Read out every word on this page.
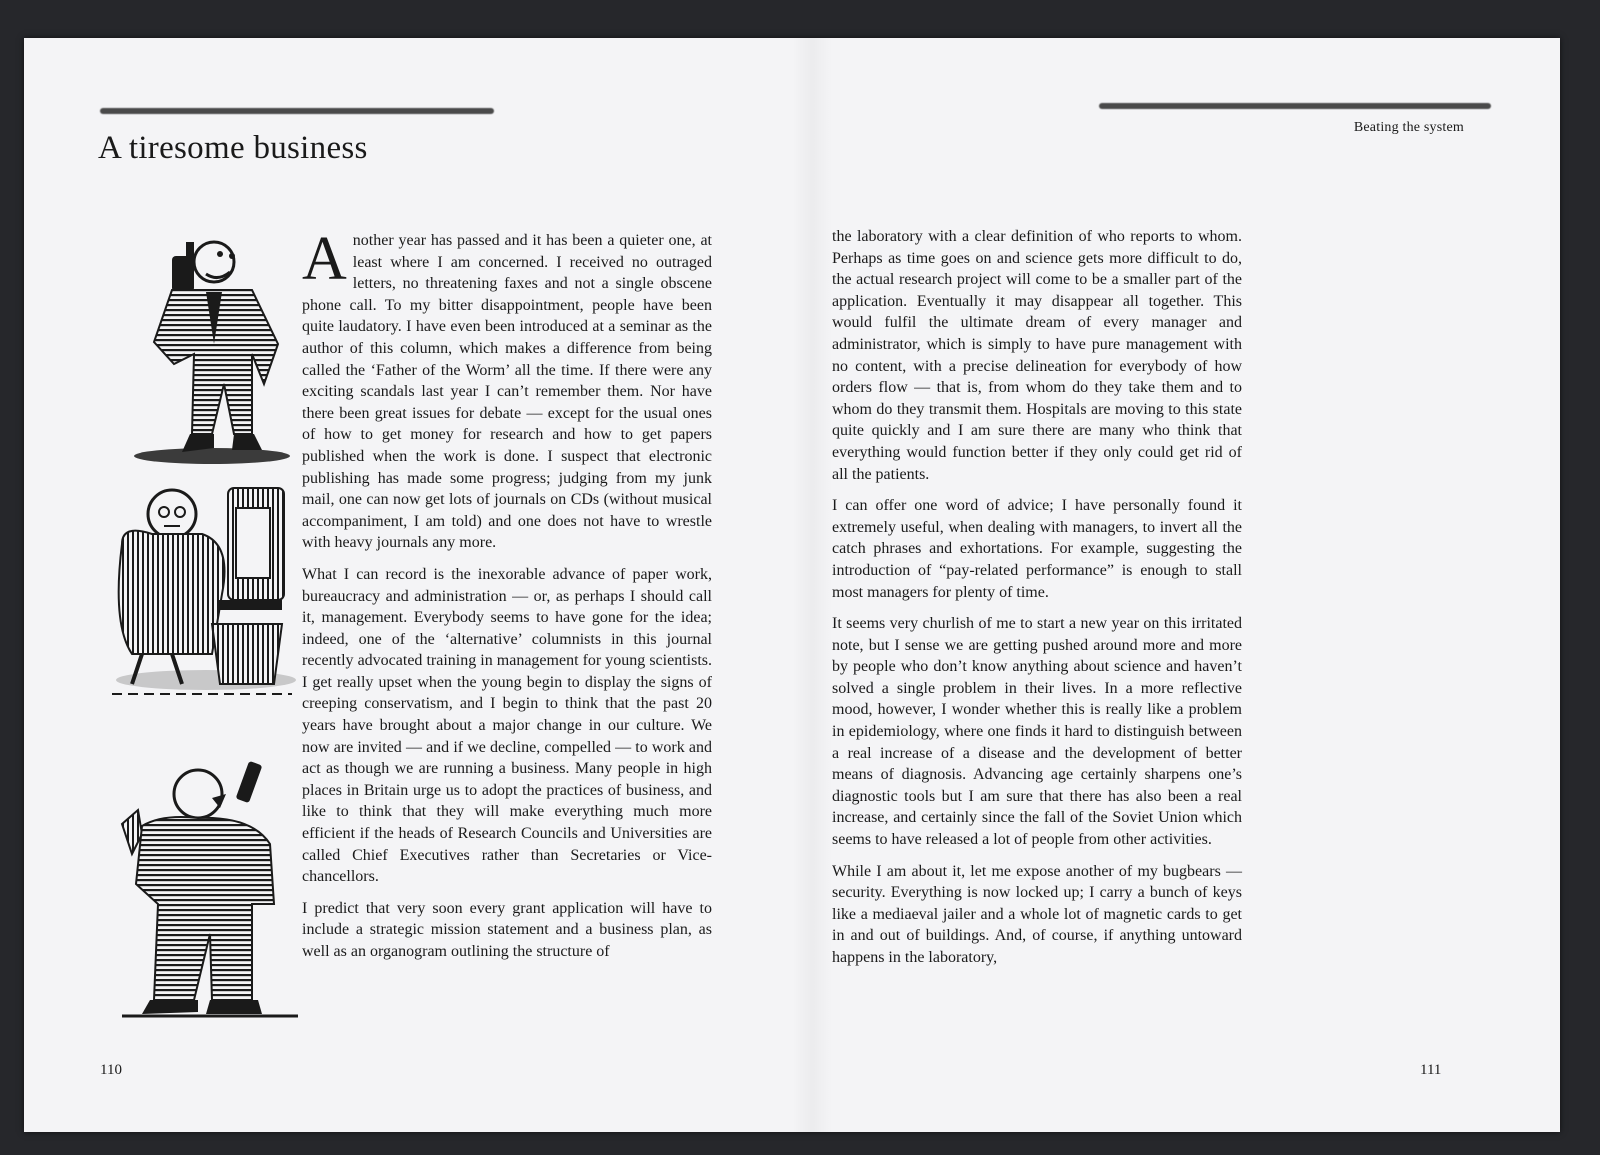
A tiresome business

Another year has passed and it has been a quieter one, at least where I am concerned. I received no outraged letters, no threatening faxes and not a single obscene phone call. To my bitter disappointment, people have been quite laudatory. I have even been introduced at a seminar as the author of this column, which makes a difference from being called the ‘Father of the Worm’ all the time. If there were any exciting scandals last year I can’t remember them. Nor have there been great issues for debate — except for the usual ones of how to get money for research and how to get papers published when the work is done. I suspect that electronic publishing has made some progress; judging from my junk mail, one can now get lots of journals on CDs (without musical accompaniment, I am told) and one does not have to wrestle with heavy journals any more.

What I can record is the inexorable advance of paper work, bureaucracy and administration — or, as perhaps I should call it, management. Everybody seems to have gone for the idea; indeed, one of the ‘alternative’ columnists in this journal recently advocated training in management for young scientists. I get really upset when the young begin to display the signs of creeping conservatism, and I begin to think that the past 20 years have brought about a major change in our culture. We now are invited — and if we decline, compelled — to work and act as though we are running a business. Many people in high places in Britain urge us to adopt the practices of business, and like to think that they will make everything much more efficient if the heads of Research Councils and Universities are called Chief Executives rather than Secretaries or Vice-chancellors.

I predict that very soon every grant application will have to include a strategic mission statement and a business plan, as well as an organogram outlining the structure of

110
Beating the system

the laboratory with a clear definition of who reports to whom. Perhaps as time goes on and science gets more difficult to do, the actual research project will come to be a smaller part of the application. Eventually it may disappear all together. This would fulfil the ultimate dream of every manager and administrator, which is simply to have pure management with no content, with a precise delineation for everybody of how orders flow — that is, from whom do they take them and to whom do they transmit them. Hospitals are moving to this state quite quickly and I am sure there are many who think that everything would function better if they only could get rid of all the patients.

I can offer one word of advice; I have personally found it extremely useful, when dealing with managers, to invert all the catch phrases and exhortations. For example, suggesting the introduction of “pay-related performance” is enough to stall most managers for plenty of time.

It seems very churlish of me to start a new year on this irritated note, but I sense we are getting pushed around more and more by people who don’t know anything about science and haven’t solved a single problem in their lives. In a more reflective mood, however, I wonder whether this is really like a problem in epidemiology, where one finds it hard to distinguish between a real increase of a disease and the development of better means of diagnosis. Advancing age certainly sharpens one’s diagnostic tools but I am sure that there has also been a real increase, and certainly since the fall of the Soviet Union which seems to have released a lot of people from other activities.

While I am about it, let me expose another of my bugbears — security. Everything is now locked up; I carry a bunch of keys like a mediaeval jailer and a whole lot of magnetic cards to get in and out of buildings. And, of course, if anything untoward happens in the laboratory,

111
